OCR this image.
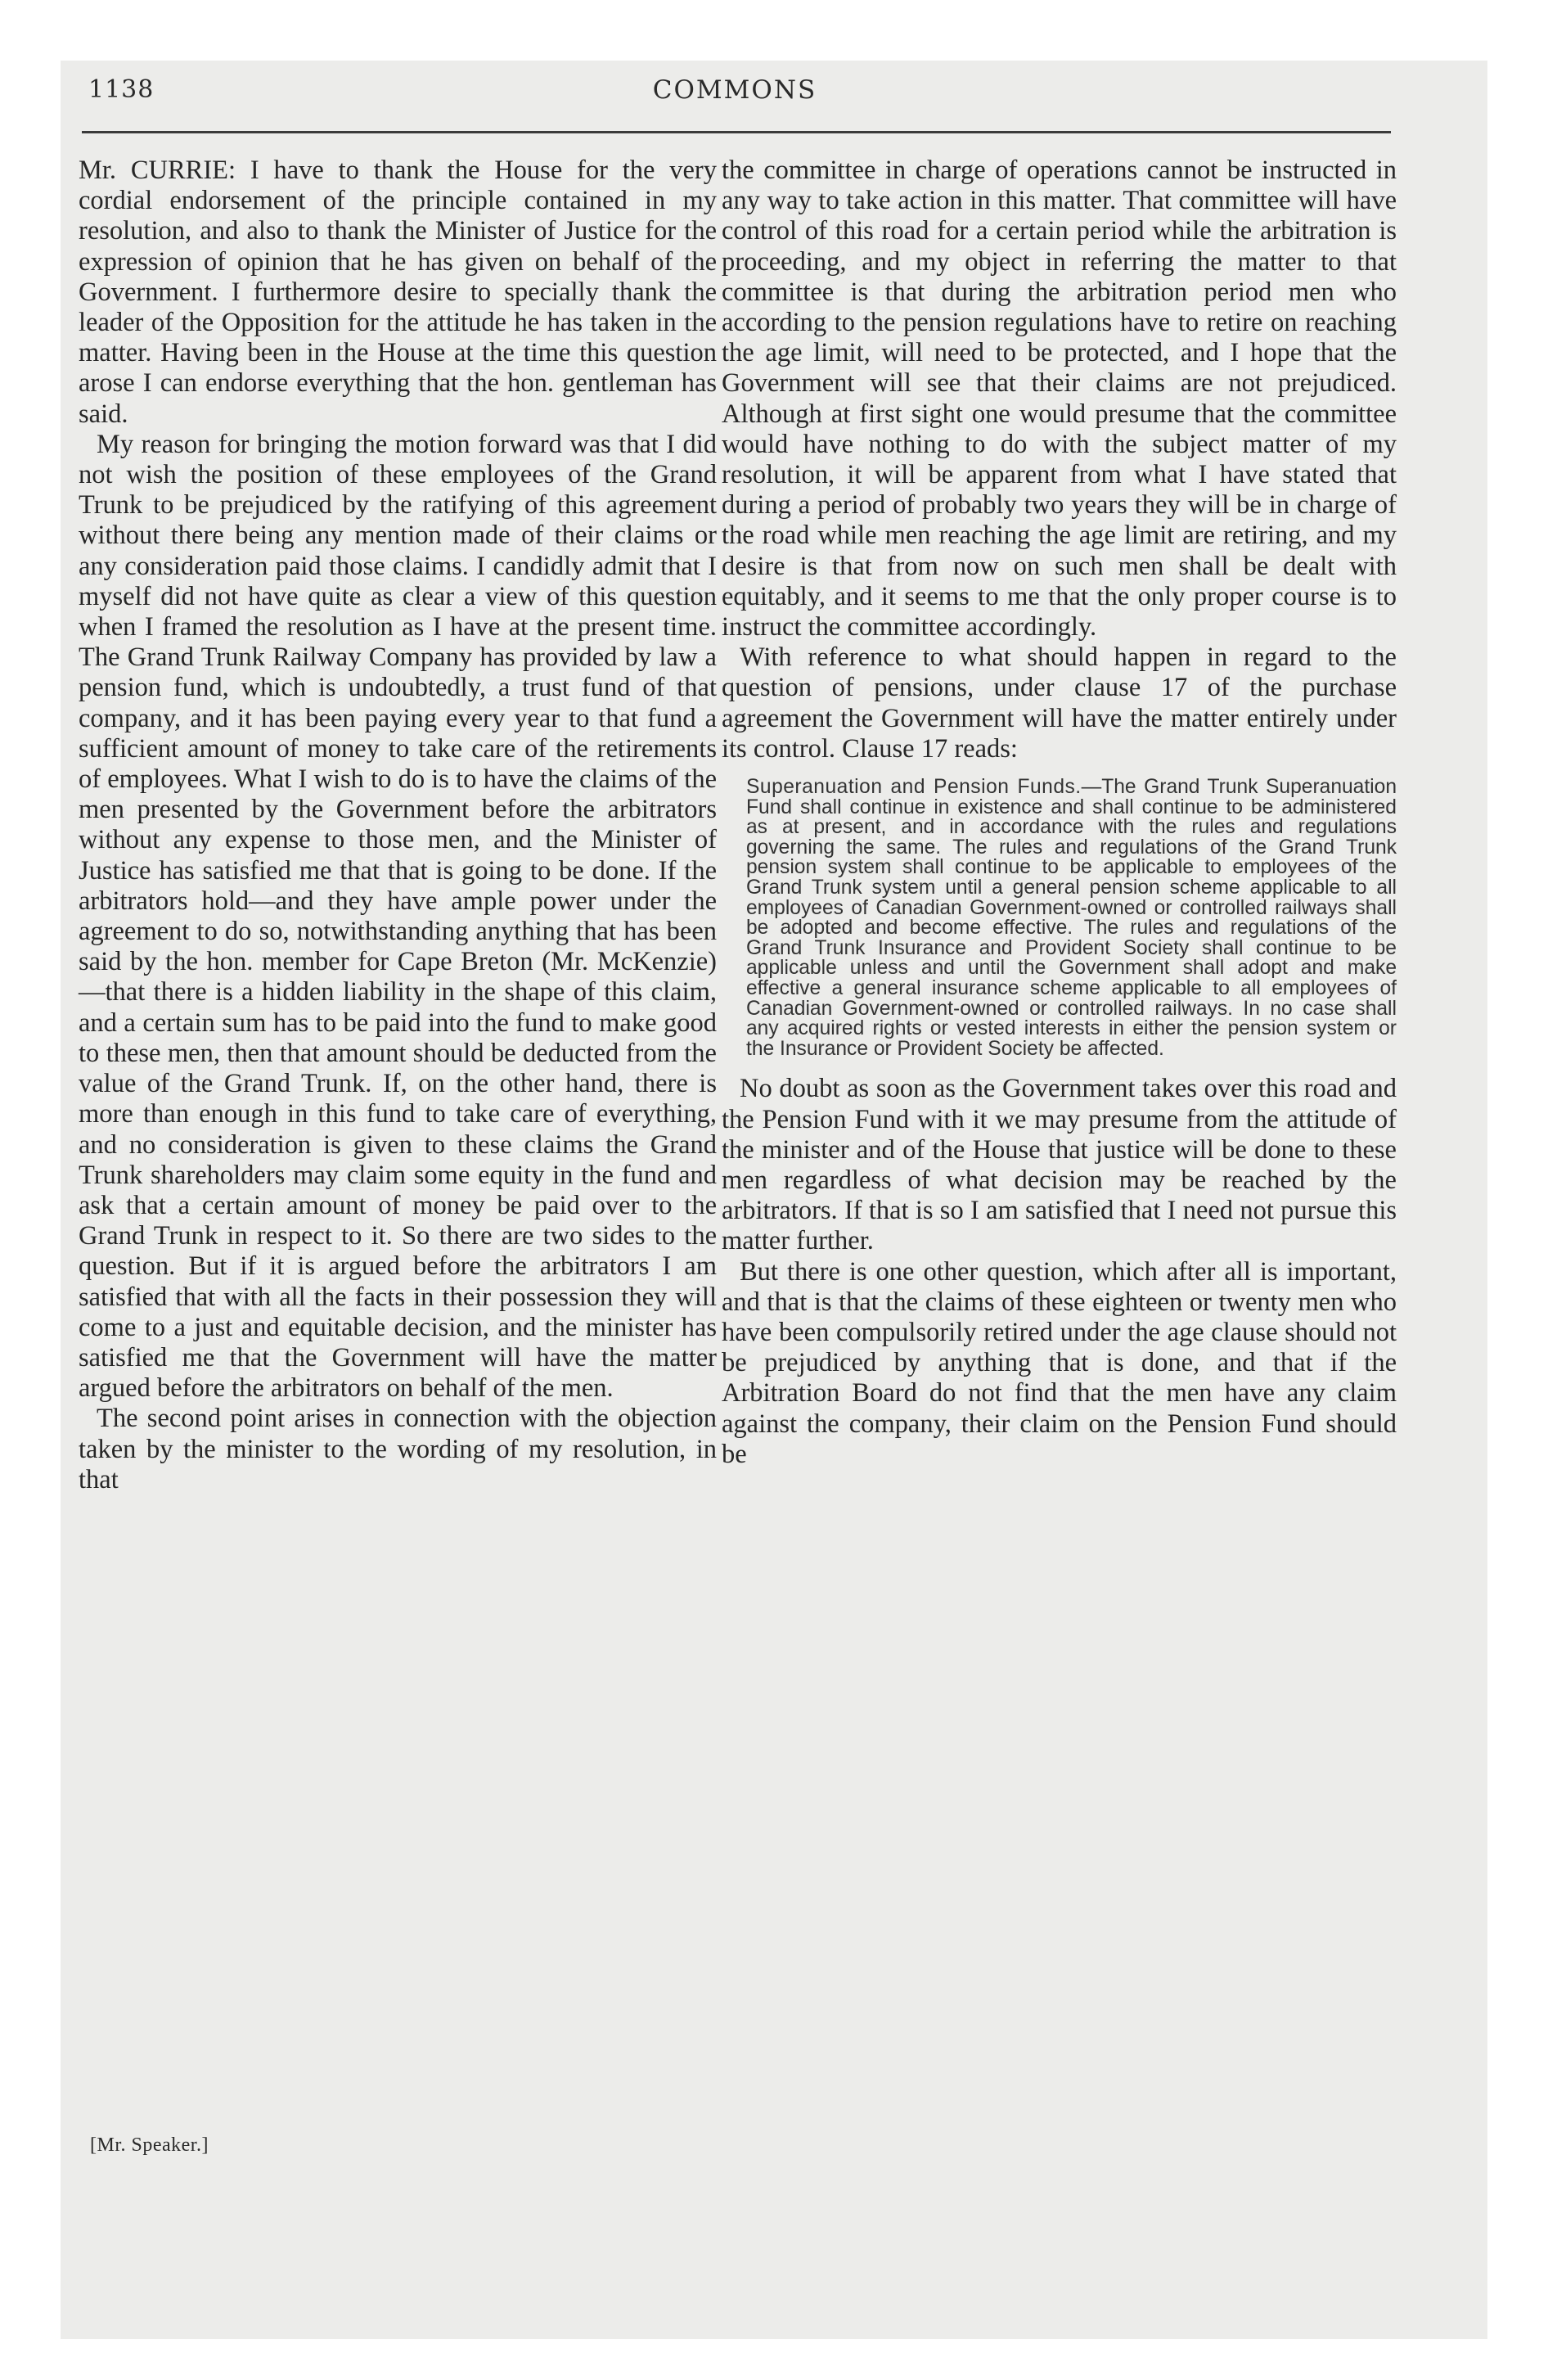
1138	COMMONS

Mr. CURRIE: I have to thank the House for the very cordial endorsement of the principle contained in my resolution, and also to thank the Minister of Justice for the expression of opinion that he has given on behalf of the Government. I furthermore desire to specially thank the leader of the Opposition for the attitude he has taken in the matter. Having been in the House at the time this question arose I can endorse everything that the hon. gentleman has said.

My reason for bringing the motion forward was that I did not wish the position of these employees of the Grand Trunk to be prejudiced by the ratifying of this agreement without there being any mention made of their claims or any consideration paid those claims. I candidly admit that I myself did not have quite as clear a view of this question when I framed the resolution as I have at the present time. The Grand Trunk Railway Company has provided by law a pension fund, which is undoubtedly, a trust fund of that company, and it has been paying every year to that fund a sufficient amount of money to take care of the retirements of employees. What I wish to do is to have the claims of the men presented by the Government before the arbitrators without any expense to those men, and the Minister of Justice has satisfied me that that is going to be done. If the arbitrators hold—and they have ample power under the agreement to do so, notwithstanding anything that has been said by the hon. member for Cape Breton (Mr. McKenzie)—that there is a hidden liability in the shape of this claim, and a certain sum has to be paid into the fund to make good to these men, then that amount should be deducted from the value of the Grand Trunk. If, on the other hand, there is more than enough in this fund to take care of everything, and no consideration is given to these claims the Grand Trunk shareholders may claim some equity in the fund and ask that a certain amount of money be paid over to the Grand Trunk in respect to it. So there are two sides to the question. But if it is argued before the arbitrators I am satisfied that with all the facts in their possession they will come to a just and equitable decision, and the minister has satisfied me that the Government will have the matter argued before the arbitrators on behalf of the men.

The second point arises in connection with the objection taken by the minister to the wording of my resolution, in that

the committee in charge of operations cannot be instructed in any way to take action in this matter. That committee will have control of this road for a certain period while the arbitration is proceeding, and my object in referring the matter to that committee is that during the arbitration period men who according to the pension regulations have to retire on reaching the age limit, will need to be protected, and I hope that the Government will see that their claims are not prejudiced. Although at first sight one would presume that the committee would have nothing to do with the subject matter of my resolution, it will be apparent from what I have stated that during a period of probably two years they will be in charge of the road while men reaching the age limit are retiring, and my desire is that from now on such men shall be dealt with equitably, and it seems to me that the only proper course is to instruct the committee accordingly.

With reference to what should happen in regard to the question of pensions, under clause 17 of the purchase agreement the Government will have the matter entirely under its control. Clause 17 reads:

Superanuation and Pension Funds.—The Grand Trunk Superanuation Fund shall continue in existence and shall continue to be administered as at present, and in accordance with the rules and regulations governing the same. The rules and regulations of the Grand Trunk pension system shall continue to be applicable to employees of the Grand Trunk system until a general pension scheme applicable to all employees of Canadian Government-owned or controlled railways shall be adopted and become effective. The rules and regulations of the Grand Trunk Insurance and Provident Society shall continue to be applicable unless and until the Government shall adopt and make effective a general insurance scheme applicable to all employees of Canadian Government-owned or controlled railways. In no case shall any acquired rights or vested interests in either the pension system or the Insurance or Provident Society be affected.

No doubt as soon as the Government takes over this road and the Pension Fund with it we may presume from the attitude of the minister and of the House that justice will be done to these men regardless of what decision may be reached by the arbitrators. If that is so I am satisfied that I need not pursue this matter further.

But there is one other question, which after all is important, and that is that the claims of these eighteen or twenty men who have been compulsorily retired under the age clause should not be prejudiced by anything that is done, and that if the Arbitration Board do not find that the men have any claim against the company, their claim on the Pension Fund should be

[Mr. Speaker.]
